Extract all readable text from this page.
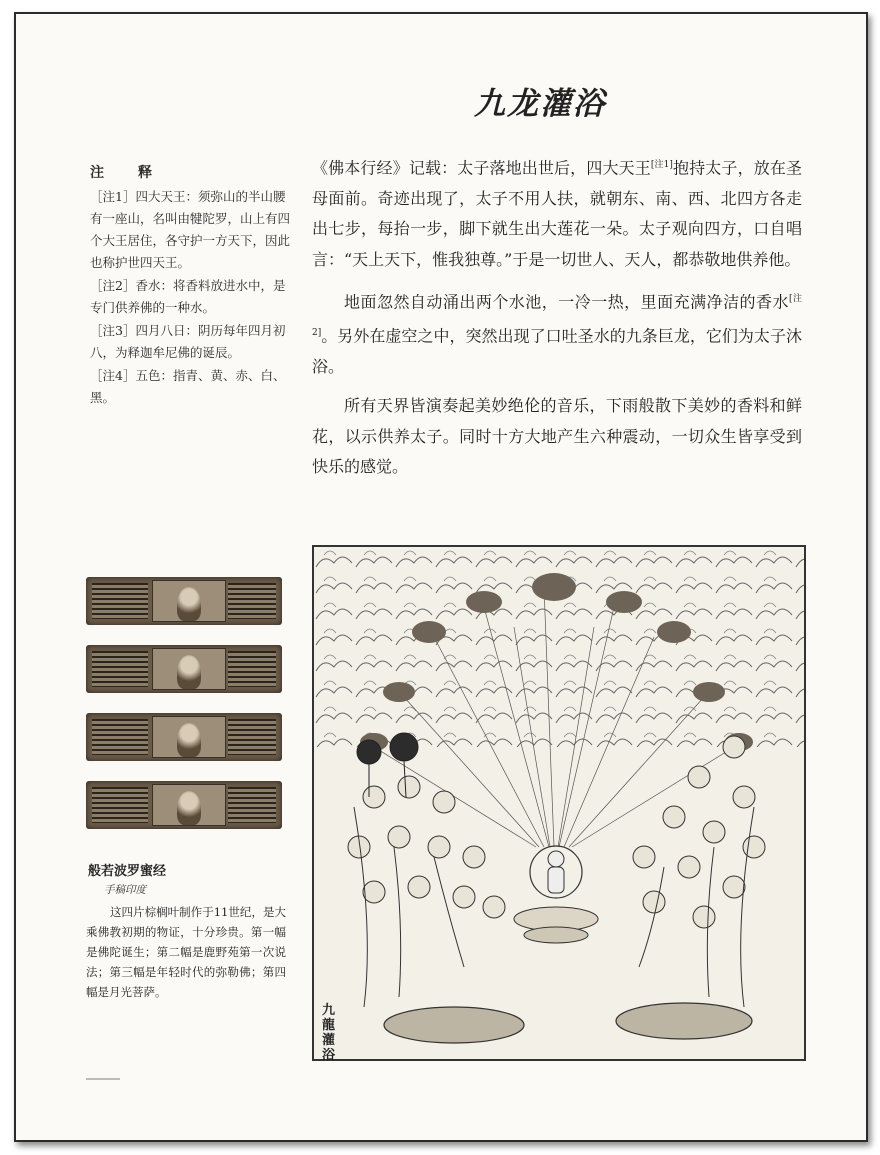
九龙灌浴
注　释

［注1］四大天王：须弥山的半山腰有一座山，名叫由犍陀罗，山上有四个大王居住，各守护一方天下，因此也称护世四天王。

［注2］香水：将香料放进水中，是专门供养佛的一种水。

［注3］四月八日：阴历每年四月初八，为释迦牟尼佛的诞辰。

［注4］五色：指青、黄、赤、白、黑。

《佛本行经》记载：太子落地出世后，四大天王[注1]抱持太子，放在圣母面前。奇迹出现了，太子不用人扶，就朝东、南、西、北四方各走出七步，每抬一步，脚下就生出大莲花一朵。太子观向四方，口自唱言：“天上天下，惟我独尊。”于是一切世人、天人，都恭敬地供养他。

地面忽然自动涌出两个水池，一冷一热，里面充满净洁的香水[注2]。另外在虚空之中，突然出现了口吐圣水的九条巨龙，它们为太子沐浴。

所有天界皆演奏起美妙绝伦的音乐，下雨般散下美妙的香料和鲜花，以示供养太子。同时十方大地产生六种震动，一切众生皆享受到快乐的感觉。

九龍灌浴
般若波罗蜜经
手稿印度

这四片棕榈叶制作于11世纪，是大乘佛教初期的物证，十分珍贵。第一幅是佛陀诞生；第二幅是鹿野苑第一次说法；第三幅是年轻时代的弥勒佛；第四幅是月光菩萨。
